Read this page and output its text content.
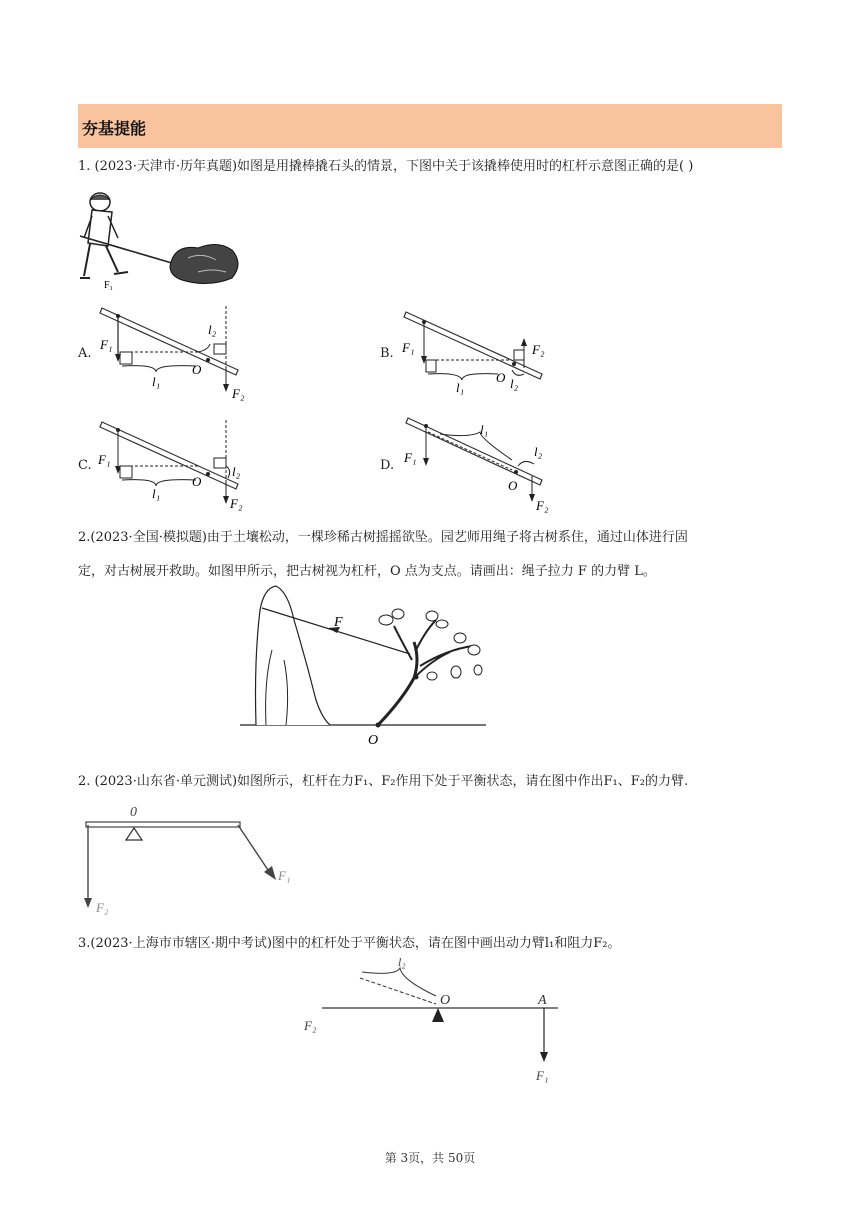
夯基提能
1. (2023·天津市·历年真题)如图是用撬棒撬石头的情景，下图中关于该撬棒使用时的杠杆示意图正确的是( )
F₁
A.
F₁
F₂
l₁
l₂
O
B. F₁	F₂
l₁	l₂
O
C. F₁
F₂
l₁
l₂
O
D.
F₁
F₂
l₁
l₂
O
2.(2023·全国·模拟题)由于土壤松动，一棵珍稀古树摇摇欲坠。园艺师用绳子将古树系住，通过山体进行固
定，对古树展开救助。如图甲所示，把古树视为杠杆，O 点为支点。请画出：绳子拉力 F 的力臂 L。
F
O
2. (2023·山东省·单元测试)如图所示，杠杆在力F₁、F₂作用下处于平衡状态，请在图中作出F₁、F₂的力臂.
0
F₁
F₂
3.(2023·上海市市辖区·期中考试)图中的杠杆处于平衡状态，请在图中画出动力臂l₁和阻力F₂。
l₂
O	A
F₂
F₁
第 3页，共 50页
